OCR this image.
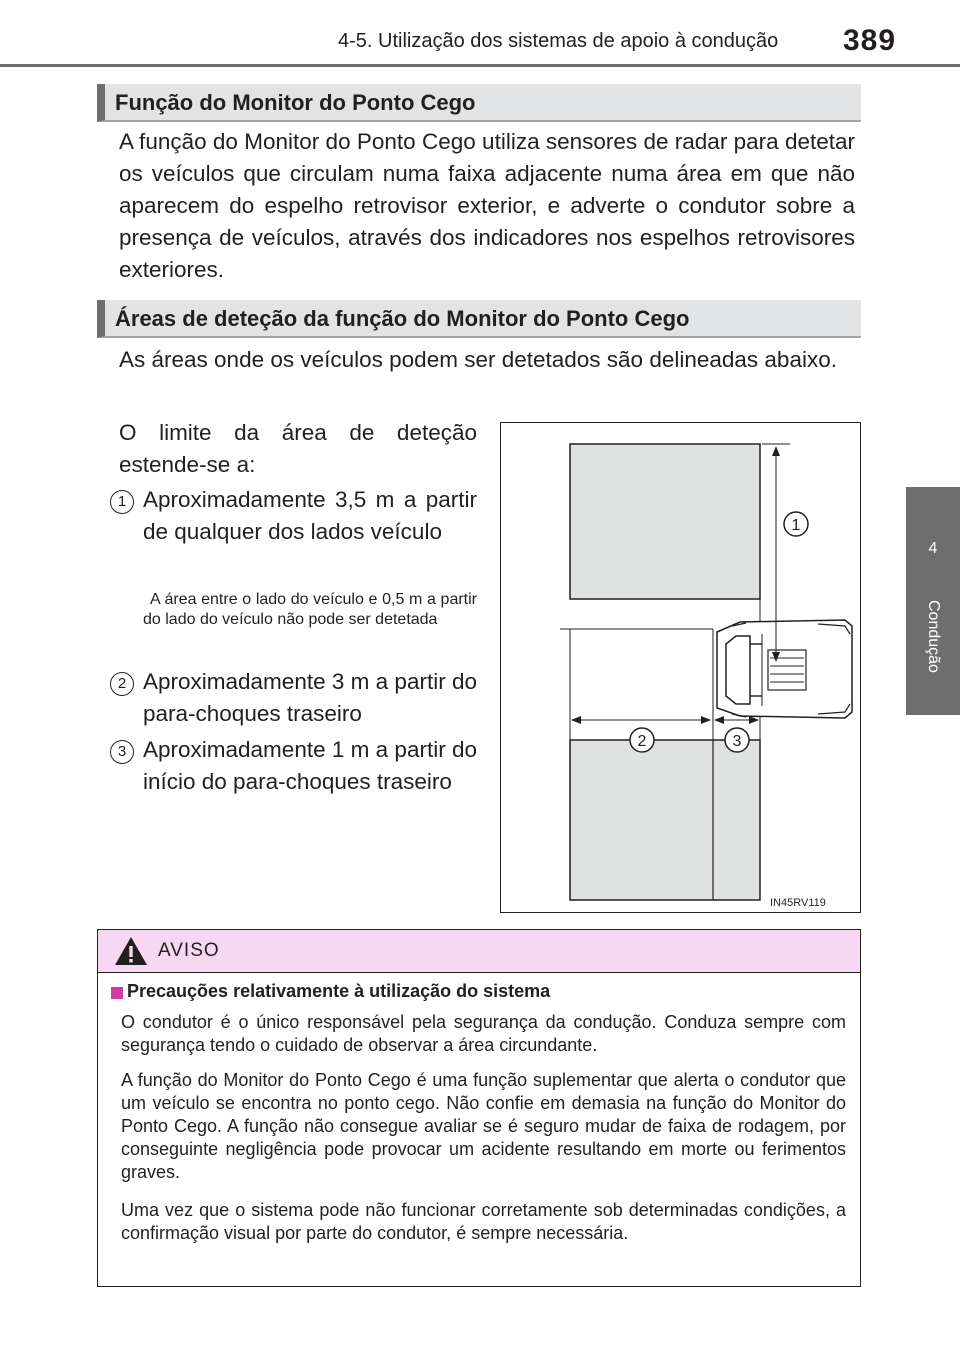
4-5. Utilização dos sistemas de apoio à condução 389
4
Condução
Função do Monitor do Ponto Cego
A função do Monitor do Ponto Cego utiliza sensores de radar para detetar os veículos que circulam numa faixa adjacente numa área em que não aparecem do espelho retrovisor exterior, e adverte o condutor sobre a presença de veículos, através dos indicadores nos espelhos retrovisores exteriores.
Áreas de deteção da função do Monitor do Ponto Cego
As áreas onde os veículos podem ser detetados são delineadas abaixo.
O limite da área de deteção estende-se a:
1 Aproximadamente 3,5 m a partir de qualquer dos lados veículo
A área entre o lado do veículo e 0,5 m a partir do lado do veículo não pode ser detetada
2 Aproximadamente 3 m a partir do para-choques traseiro
3 Aproximadamente 1 m a partir do início do para-choques traseiro
1
2	3
IN45RV119
AVISO
Precauções relativamente à utilização do sistema
O condutor é o único responsável pela segurança da condução. Conduza sempre com segurança tendo o cuidado de observar a área circundante.
A função do Monitor do Ponto Cego é uma função suplementar que alerta o condutor que um veículo se encontra no ponto cego. Não confie em demasia na função do Monitor do Ponto Cego. A função não consegue avaliar se é seguro mudar de faixa de rodagem, por conseguinte negligência pode provocar um acidente resultando em morte ou ferimentos graves.
Uma vez que o sistema pode não funcionar corretamente sob determinadas condições, a confirmação visual por parte do condutor, é sempre necessária.
